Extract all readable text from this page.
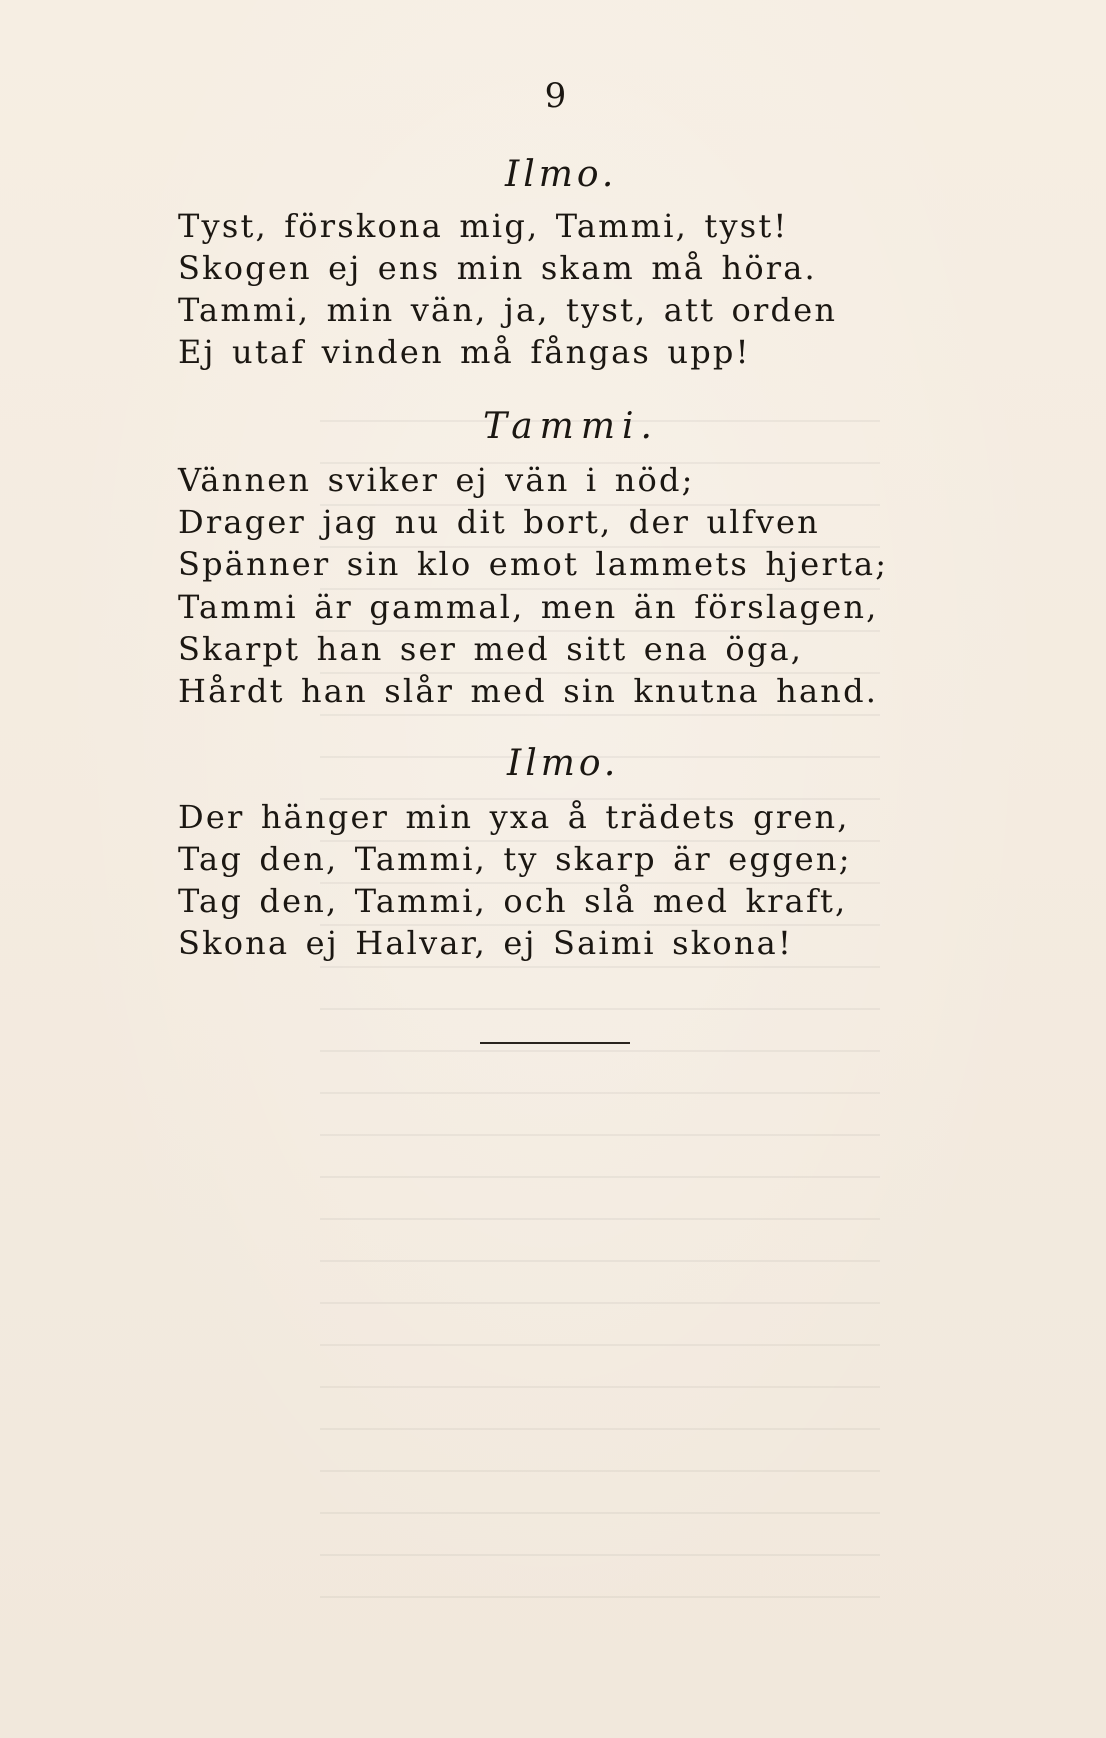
9
Ilmo.
Tyst, förskona mig, Tammi, tyst!
Skogen ej ens min skam må höra.
Tammi, min vän, ja, tyst, att orden
Ej utaf vinden må fångas upp!
Tammi.
Vännen sviker ej vän i nöd;
Drager jag nu dit bort, der ulfven
Spänner sin klo emot lammets hjerta;
Tammi är gammal, men än förslagen,
Skarpt han ser med sitt ena öga,
Hårdt han slår med sin knutna hand.
Ilmo.
Der hänger min yxa å trädets gren,
Tag den, Tammi, ty skarp är eggen;
Tag den, Tammi, och slå med kraft,
Skona ej Halvar, ej Saimi skona!
